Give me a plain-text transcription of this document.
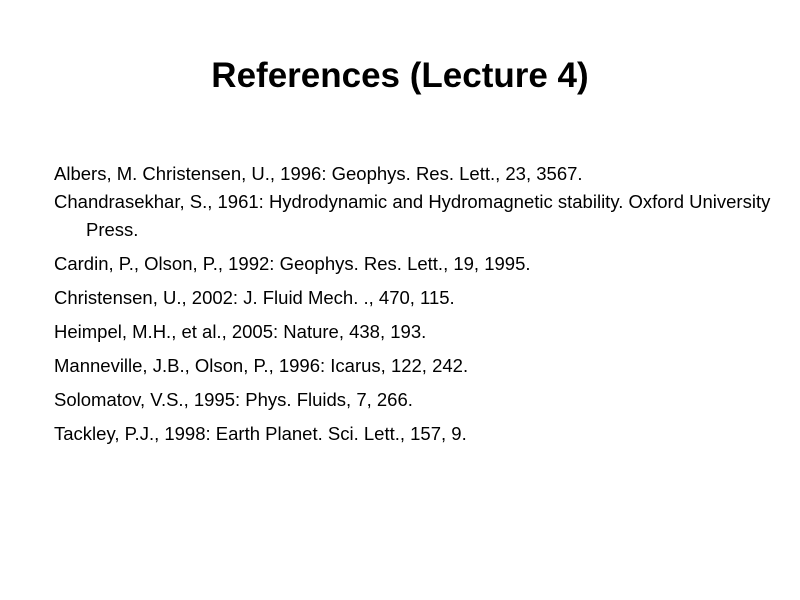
References (Lecture 4)
Albers, M. Christensen, U., 1996: Geophys. Res. Lett., 23, 3567.
Chandrasekhar, S., 1961: Hydrodynamic and Hydromagnetic stability. Oxford University Press.
Cardin, P., Olson, P., 1992: Geophys. Res. Lett., 19, 1995.
Christensen, U., 2002: J. Fluid Mech. ., 470, 115.
Heimpel, M.H., et al., 2005: Nature, 438, 193.
Manneville, J.B., Olson, P., 1996: Icarus, 122, 242.
Solomatov, V.S., 1995: Phys. Fluids, 7, 266.
Tackley, P.J., 1998: Earth Planet. Sci. Lett., 157, 9.
